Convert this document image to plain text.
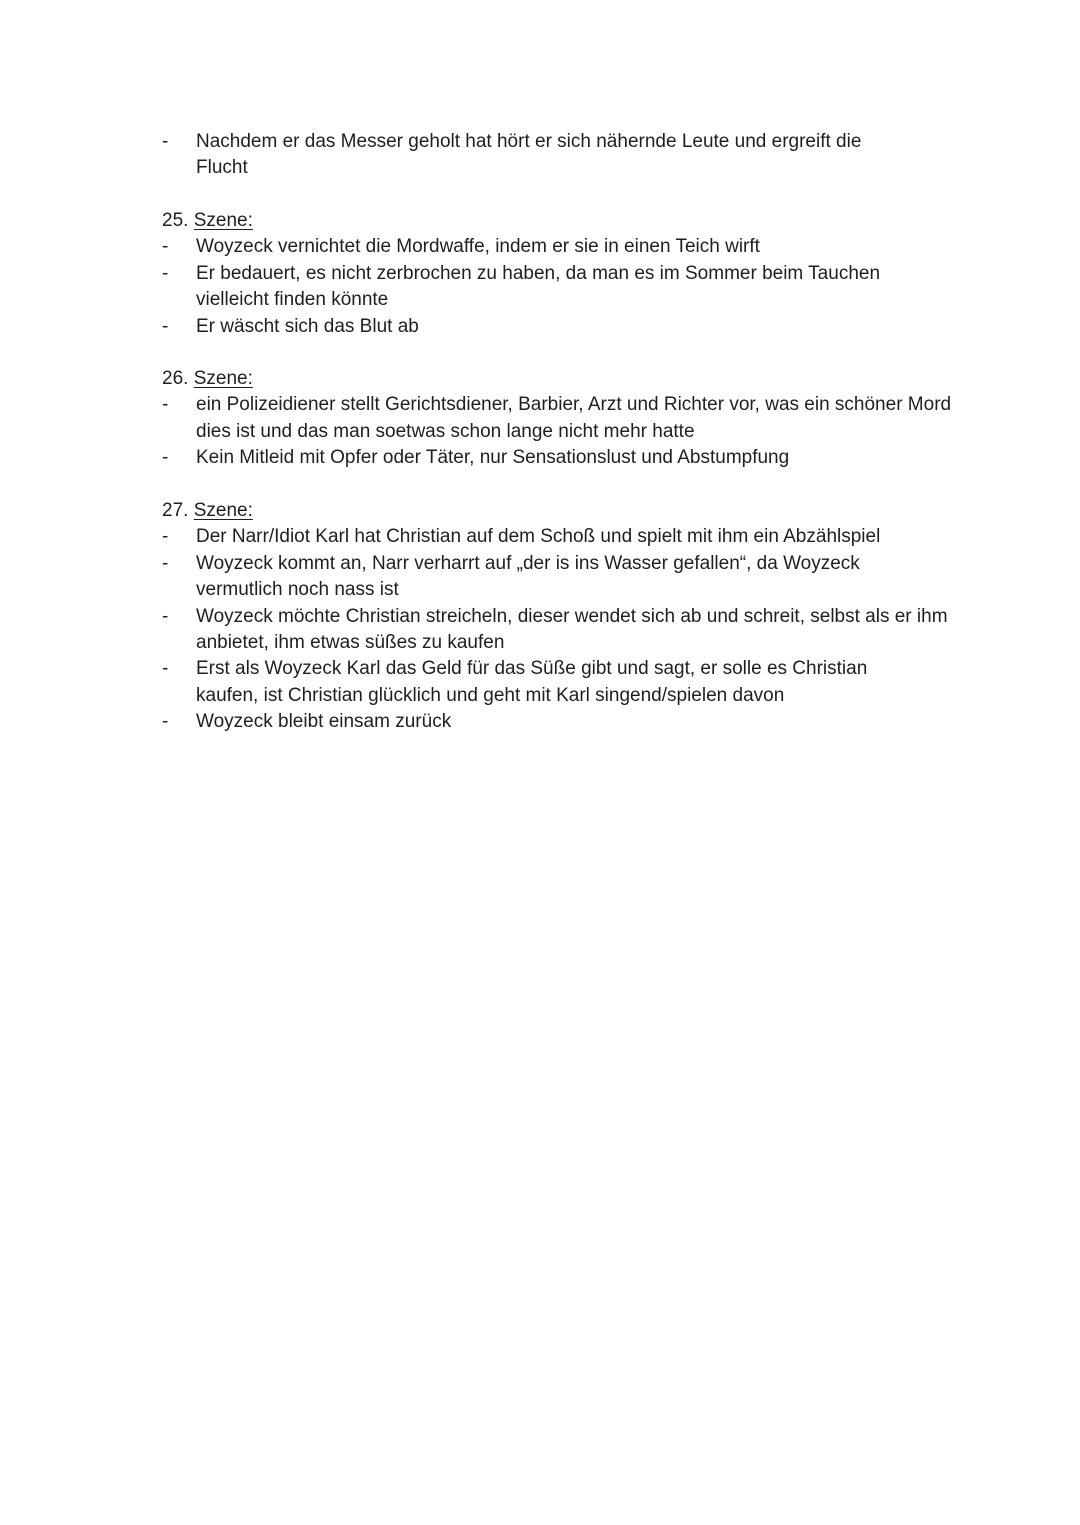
- Nachdem er das Messer geholt hat hört er sich nähernde Leute und ergreift die Flucht

25. Szene:

- Woyzeck vernichtet die Mordwaffe, indem er sie in einen Teich wirft
- Er bedauert, es nicht zerbrochen zu haben, da man es im Sommer beim Tauchen vielleicht finden könnte
- Er wäscht sich das Blut ab

26. Szene:

- ein Polizeidiener stellt Gerichtsdiener, Barbier, Arzt und Richter vor, was ein schöner Mord dies ist und das man soetwas schon lange nicht mehr hatte
- Kein Mitleid mit Opfer oder Täter, nur Sensationslust und Abstumpfung

27. Szene:

- Der Narr/Idiot Karl hat Christian auf dem Schoß und spielt mit ihm ein Abzählspiel
- Woyzeck kommt an, Narr verharrt auf „der is ins Wasser gefallen“, da Woyzeck vermutlich noch nass ist
- Woyzeck möchte Christian streicheln, dieser wendet sich ab und schreit, selbst als er ihm anbietet, ihm etwas süßes zu kaufen
- Erst als Woyzeck Karl das Geld für das Süße gibt und sagt, er solle es Christian kaufen, ist Christian glücklich und geht mit Karl singend/spielen davon
- Woyzeck bleibt einsam zurück
